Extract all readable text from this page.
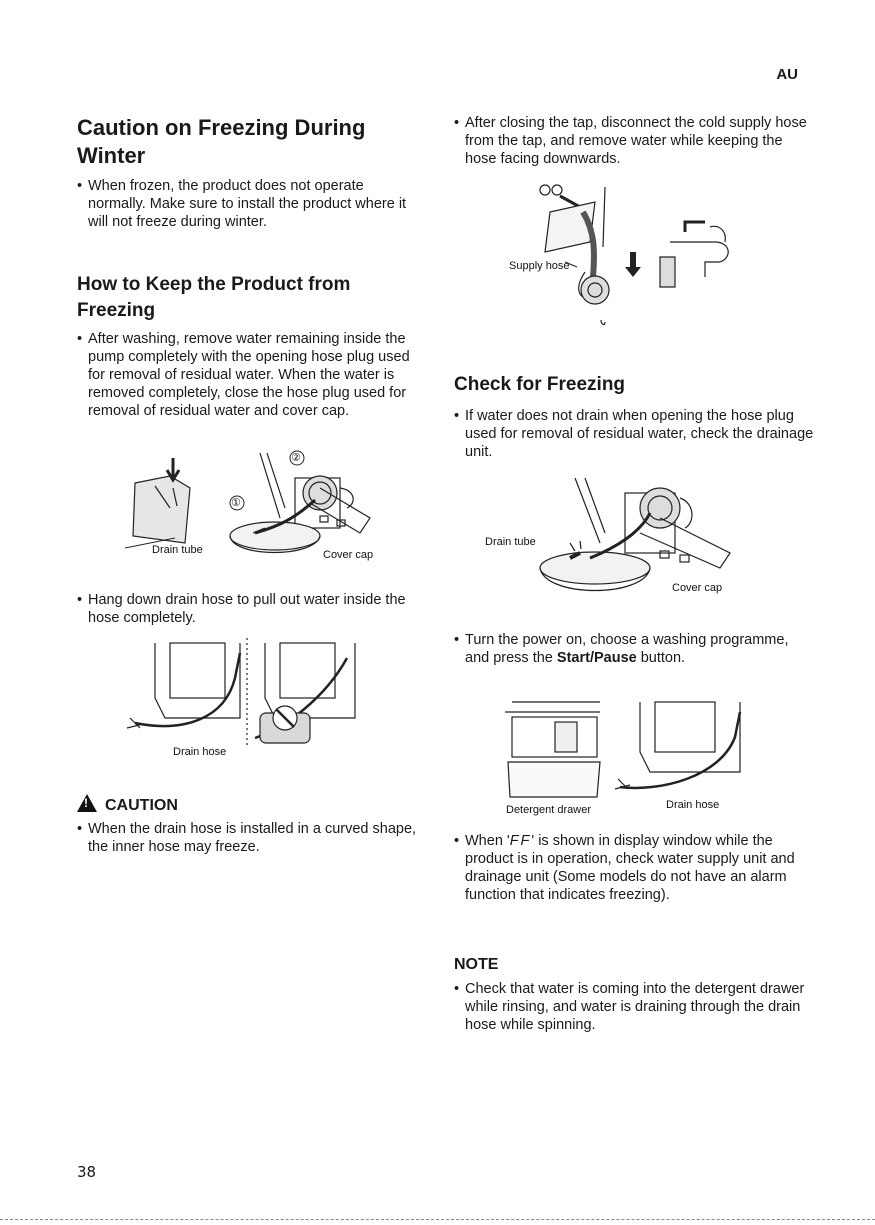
AU
Caution on Freezing During Winter
• When frozen, the product does not operate normally. Make sure to install the product where it will not freeze during winter.
How to Keep the Product from Freezing
• After washing, remove water remaining inside the pump completely with the opening hose plug used for removal of residual water. When the water is removed completely, close the hose plug used for removal of residual water and cover cap.
②
①
Drain tube	Cover cap
• Hang down drain hose to pull out water inside the hose completely.
Drain hose
!CAUTION
• When the drain hose is installed in a curved shape, the inner hose may freeze.
• After closing the tap, disconnect the cold supply hose from the tap, and remove water while keeping the hose facing downwards.
Supply hose
Check for Freezing
• If water does not drain when opening the hose plug used for removal of residual water, check the drainage unit.
Drain tube
Cover cap
• Turn the power on, choose a washing programme, and press the Start/Pause button.
Detergent drawer	Drain hose
• When 'FF' is shown in display window while the product is in operation, check water supply unit and drainage unit (Some models do not have an alarm function that indicates freezing).
NOTE
• Check that water is coming into the detergent drawer while rinsing, and water is draining through the drain hose while spinning.
38
